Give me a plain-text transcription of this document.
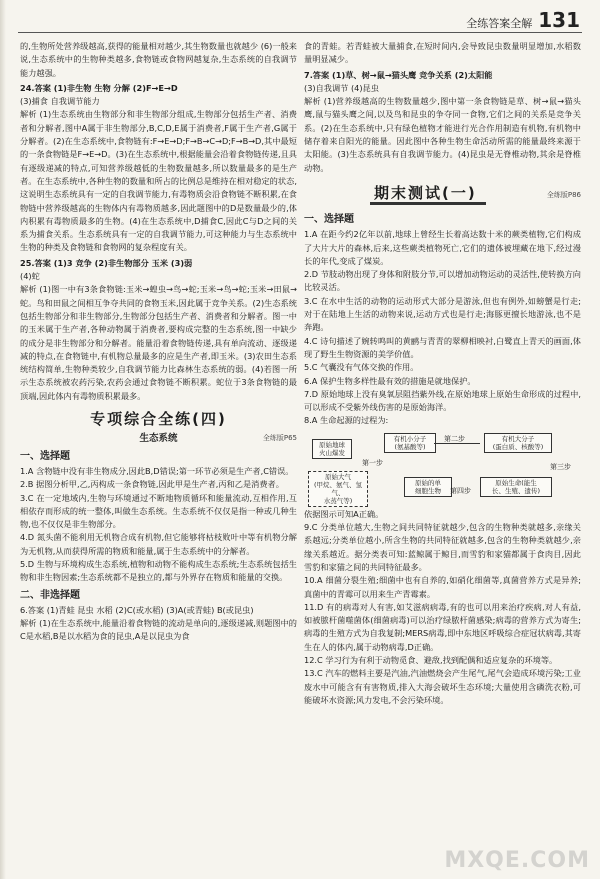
全练答案全解 131

的,生物所处营养级越高,获得的能量相对越少,其生物数量也就越少 (6)一般来说,生态系统中的生物种类越多,食物链或食物网越复杂,生态系统的自我调节能力越强。

24.答案 (1)非生物 生物 分解 (2)F→E→D

(3)捕食 自我调节能力

解析 (1)生态系统由生物部分和非生物部分组成,生物部分包括生产者、消费者和分解者,图中A属于非生物部分,B,C,D,E属于消费者,F属于生产者,G属于分解者。(2)在生态系统中,食物链有:F→E→D;F→B→C→D;F→B→D,其中最短的一条食物链是F→E→D。(3)在生态系统中,根据能量会沿着食物链传递,且具有逐级递减的特点,可知营养级越低的生物数量越多,所以数量最多的是生产者。在生态系统中,各种生物的数量和所占的比例总是维持在相对稳定的状态,这说明生态系统具有一定的自我调节能力,有毒物质会沿食物链不断积累,在食物链中营养级越高的生物体内有毒物质越多,因此题图中的D是数量最少的,体内积累有毒物质最多的生物。(4)在生态系统中,D捕食C,因此C与D之间的关系为捕食关系。生态系统具有一定的自我调节能力,可这种能力与生态系统中生物的种类及食物链和食物网的复杂程度有关。

25.答案 (1)3 竞争 (2)非生物部分 玉米 (3)弱

(4)蛇

解析 (1)图一中有3条食物链:玉米→蝗虫→鸟→蛇;玉米→鸟→蛇;玉米→田鼠→蛇。鸟和田鼠之间相互争夺共同的食物玉米,因此属于竞争关系。(2)生态系统包括生物部分和非生物部分,生物部分包括生产者、消费者和分解者。图一中的玉米属于生产者,各种动物属于消费者,要构成完整的生态系统,图一中缺少的成分是非生物部分和分解者。能量沿着食物链传递,具有单向流动、逐级递减的特点,在食物链中,有机物总量最多的应是生产者,即玉米。(3)农田生态系统结构简单,生物种类较少,自我调节能力比森林生态系统的弱。(4)若图一所示生态系统被农药污染,农药会通过食物链不断积累。蛇位于3条食物链的最顶端,因此体内有毒物质积累最多。

专项综合全练(四)
生态系统	全练版P65
一、选择题

1.A 含物链中没有非生物成分,因此B,D错误;第一环节必须是生产者,C错误。

2.B 据图分析甲,乙,丙构成一条食物链,因此甲是生产者,丙和乙是消费者。

3.C 在一定地域内,生物与环境通过不断地物质循环和能量流动,互相作用,互相依存而形成的统一整体,叫做生态系统。生态系统不仅仅是指一种或几种生物,也不仅仅是非生物部分。

4.D 氮头菌不能利用无机物合成有机物,但它能够将枯枝败叶中等有机物分解为无机物,从而获得所需的物质和能量,属于生态系统中的分解者。

5.D 生物与环境构成生态系统,植物和动物不能构成生态系统;生态系统包括生物和非生物因素;生态系统都不是独立的,都与外界存在物质和能量的交换。

二、非选择题

6.答案 (1)青蛙 昆虫 水稻 (2)C(或水稻) (3)A(或青蛙) B(或昆虫)

解析 (1)在生态系统中,能量沿着食物链的流动是单向的,逐级递减,则题图中的C是水稻,B是以水稻为食的昆虫,A是以昆虫为食

食的青蛙。若青蛙被大量捕食,在短时间内,会导致昆虫数量明显增加,水稻数量明显减少。

7.答案 (1)草、树→鼠→猫头鹰 竞争关系 (2)太阳能

(3)自我调节 (4)昆虫

解析 (1)营养级越高的生物数量越少,图中第一条食物链是草、树→鼠→猫头鹰,鼠与猫头鹰之间,以及鸟和昆虫的争夺同一食物,它们之间的关系是竞争关系。(2)在生态系统中,只有绿色植物才能进行光合作用制造有机物,有机物中储存着来自阳光的能量。因此图中各种生物生命活动所需的能量最终来源于太阳能。(3)生态系统具有自我调节能力。(4)昆虫是无脊椎动物,其余是脊椎动物。

期末测试(一)	全练版P86
一、选择题

1.A 在距今约2亿年以前,地球上曾经生长着高达数十米的蕨类植物,它们构成了大片大片的森林,后来,这些蕨类植物死亡,它们的遗体被埋藏在地下,经过漫长的年代,变成了煤炭。

2.D 节肢动物出现了身体和附肢分节,可以增加动物运动的灵活性,使转换方向比较灵活。

3.C 在水中生活的动物的运动形式大部分是游泳,但也有例外,如螃蟹是行走;对于在陆地上生活的动物来说,运动方式也是行走;海豚更擅长地游泳,也不是奔跑。

4.C 诗句描述了婉转鸣叫的黄鹂与青青的翠柳相映衬,白鹭直上青天的画面,体现了野生生物资源的美学价值。

5.C 气囊没有气体交换的作用。

6.A 保护生物多样性最有效的措施是就地保护。

7.D 原始地球上没有臭氧层阻挡紫外线,在原始地球上原始生命形成的过程中,可以形成不受紫外线伤害的是原始海洋。

8.A 生命起源的过程为:

原始地球
火山爆发
有机小分子
(氨基酸等)
有机大分子
(蛋白质、核酸等)
原始的单
细胞生物
原始生命(能生
长、生殖、遗传)
原始大气
(甲烷、氨气、氢气、
水蒸气等)
第二步
第一步	第三步
第四步

依据图示可知A正确。

9.C 分类单位越大,生物之间共同特征就越少,包含的生物种类就越多,亲缘关系越远;分类单位越小,所含生物的共同特征就越多,包含的生物种类就越少,亲缘关系越近。据分类表可知:蓝鲸属于鲸目,而雪豹和家猫都属于食肉目,因此雪豹和家猫之间的共同特征最多。

10.A 细菌分裂生殖;细菌中也有自养的,如硝化细菌等,真菌营养方式是异养;真菌中的青霉可以用来生产青霉素。

11.D 有的病毒对人有害,如艾滋病病毒,有的也可以用来治疗疾病,对人有益,如被脓杆菌噬菌体(细菌病毒)可以治疗绿脓杆菌感染;病毒的营养方式为寄生;病毒的生殖方式为自我复制;MERS病毒,即中东地区呼吸综合症冠状病毒,其寄生在人的体内,属于动物病毒,D正确。

12.C 学习行为有利于动物觅食、避敌,找到配偶和适应复杂的环境等。

13.C 汽车的燃料主要是汽油,汽油燃烧会产生尾气,尾气会造成环境污染;工业废水中可能含有有害物质,排入大海会破坏生态环境;大量使用含磷洗衣粉,可能破坏水资源;风力发电,不会污染环境。

MXQE.COM
